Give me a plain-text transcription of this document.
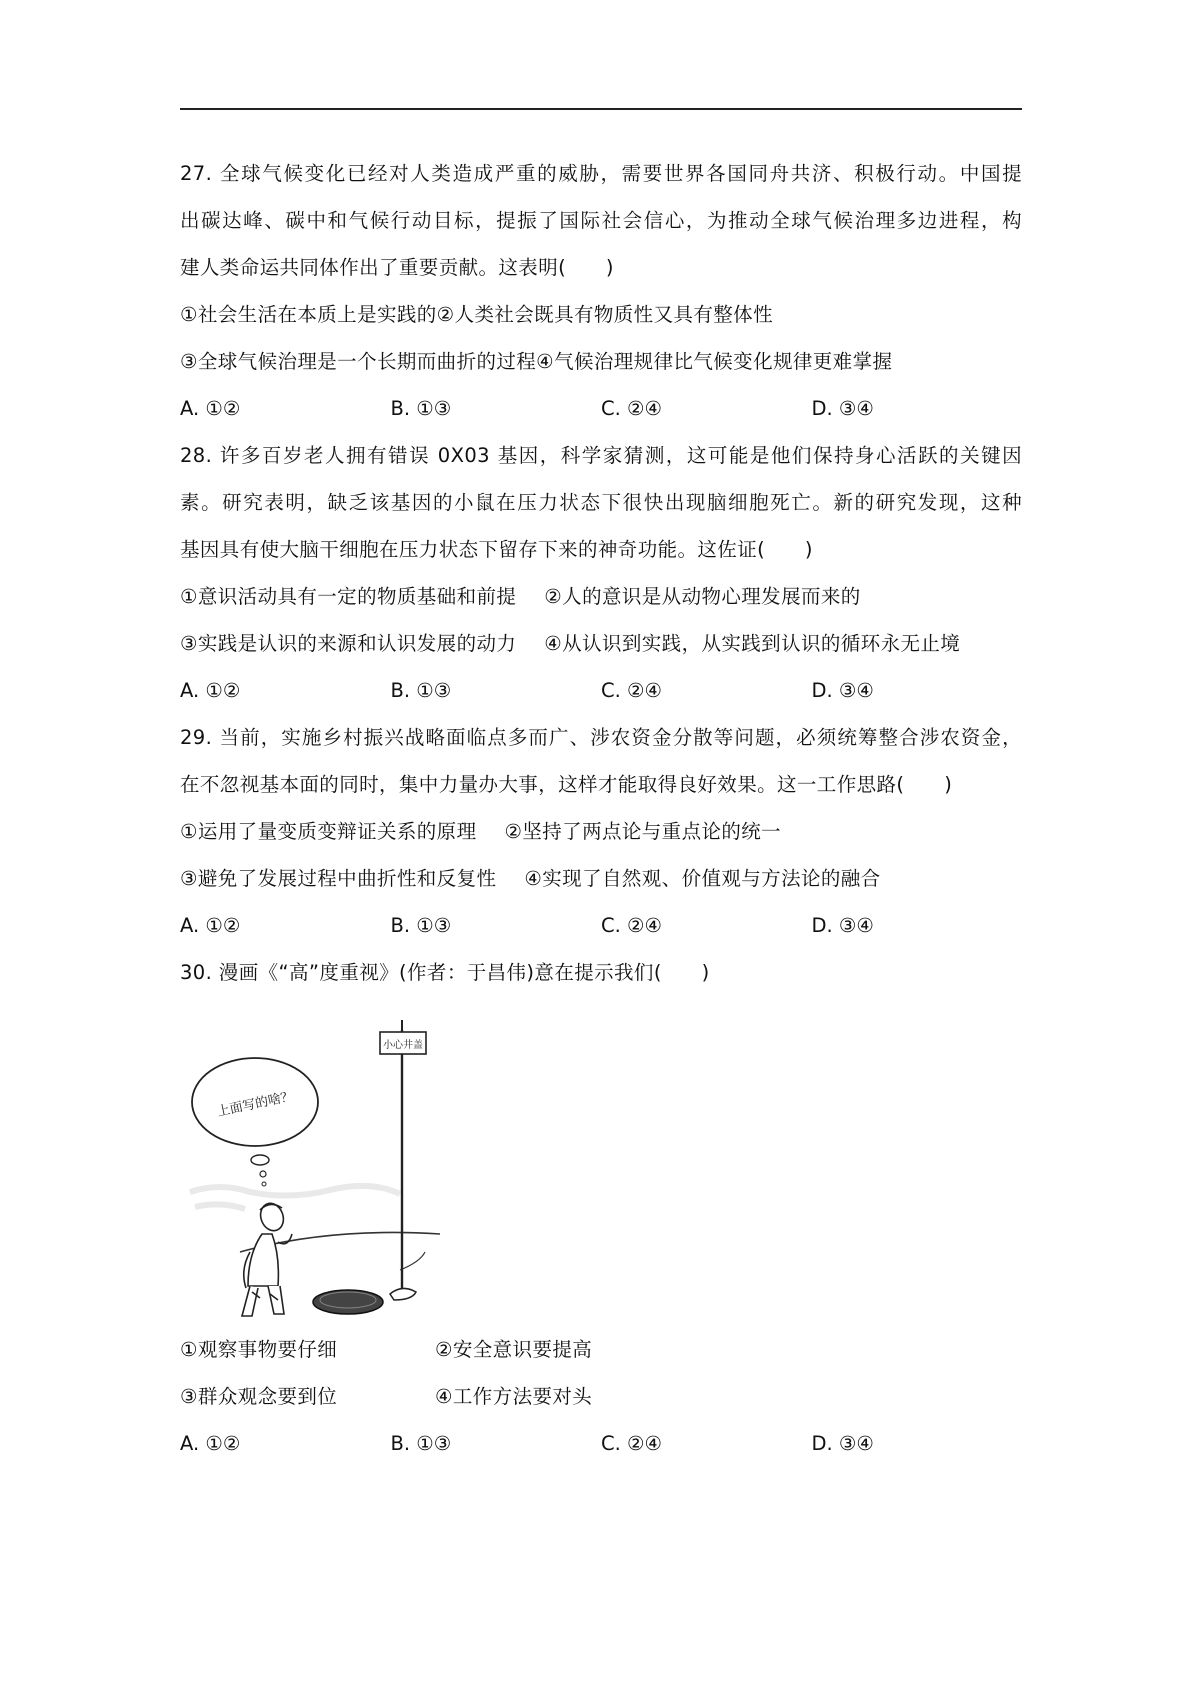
27. 全球气候变化已经对人类造成严重的威胁，需要世界各国同舟共济、积极行动。中国提
出碳达峰、碳中和气候行动目标，提振了国际社会信心，为推动全球气候治理多边进程，构
建人类命运共同体作出了重要贡献。这表明(　　)
①社会生活在本质上是实践的②人类社会既具有物质性又具有整体性
③全球气候治理是一个长期而曲折的过程④气候治理规律比气候变化规律更难掌握
A. ①②	B. ①③	C. ②④	D. ③④
28. 许多百岁老人拥有错误 0X03 基因，科学家猜测，这可能是他们保持身心活跃的关键因
素。研究表明，缺乏该基因的小鼠在压力状态下很快出现脑细胞死亡。新的研究发现，这种
基因具有使大脑干细胞在压力状态下留存下来的神奇功能。这佐证(　　)
①意识活动具有一定的物质基础和前提 ②人的意识是从动物心理发展而来的
③实践是认识的来源和认识发展的动力 ④从认识到实践，从实践到认识的循环永无止境
A. ①②	B. ①③	C. ②④	D. ③④
29. 当前，实施乡村振兴战略面临点多而广、涉农资金分散等问题，必须统筹整合涉农资金，
在不忽视基本面的同时，集中力量办大事，这样才能取得良好效果。这一工作思路(　　)
①运用了量变质变辩证关系的原理 ②坚持了两点论与重点论的统一
③避免了发展过程中曲折性和反复性 ④实现了自然观、价值观与方法论的融合
A. ①②	B. ①③	C. ②④	D. ③④
30. 漫画《“高”度重视》(作者：于昌伟)意在提示我们(　　)
上面写的啥？
小心井盖
①观察事物要仔细	②安全意识要提高
③群众观念要到位	④工作方法要对头
A. ①②	B. ①③	C. ②④	D. ③④
